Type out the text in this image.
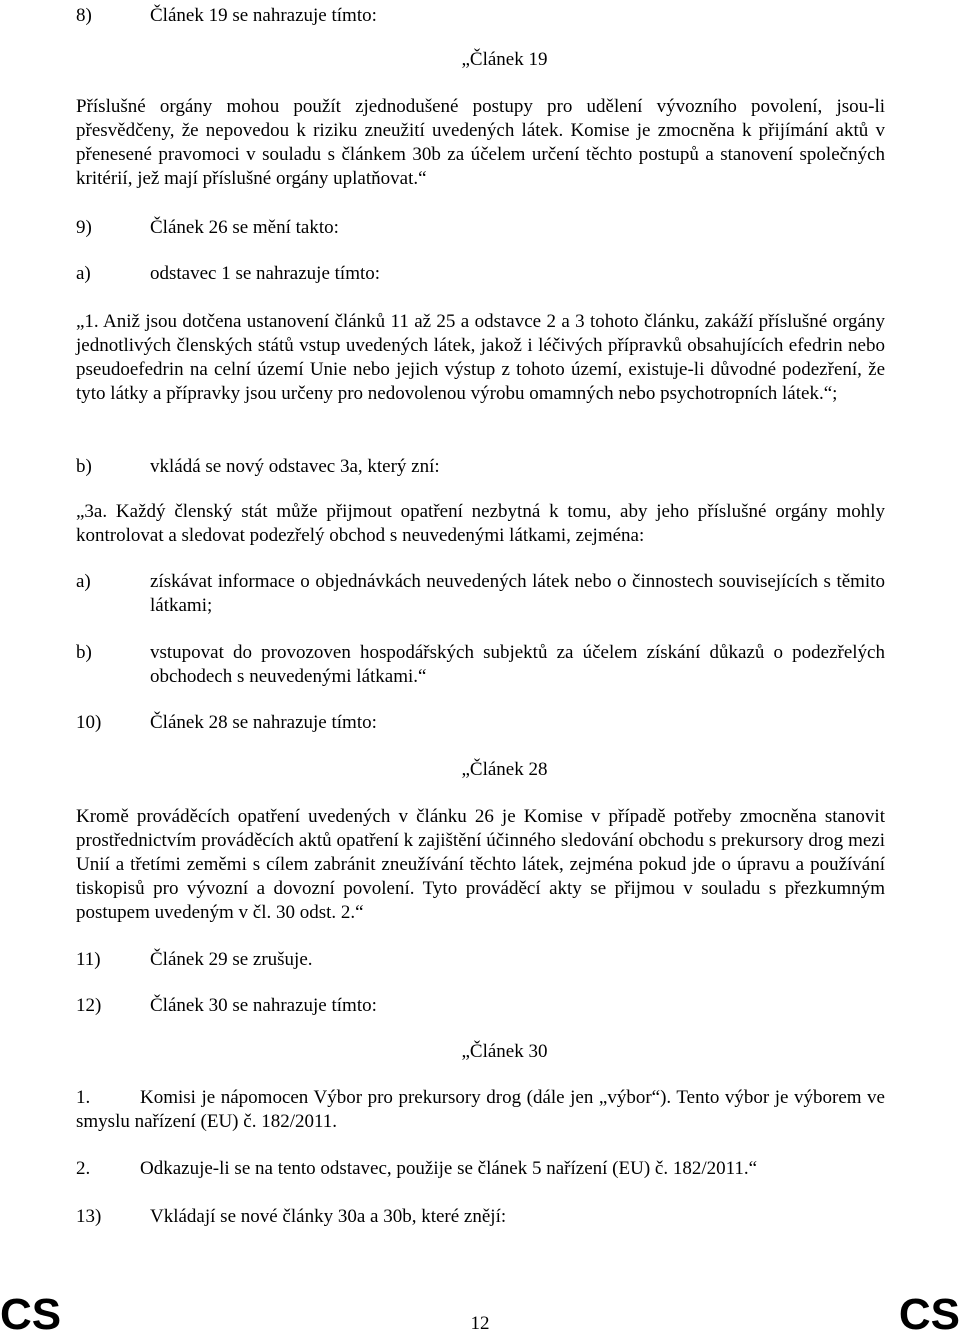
8)	Článek 19 se nahrazuje tímto:
„Článek 19
Příslušné orgány mohou použít zjednodušené postupy pro udělení vývozního povolení, jsou-li přesvědčeny, že nepovedou k riziku zneužití uvedených látek. Komise je zmocněna k přijímání aktů v přenesené pravomoci v souladu s článkem 30b za účelem určení těchto postupů a stanovení společných kritérií, jež mají příslušné orgány uplatňovat.“
9)	Článek 26 se mění takto:
a)	odstavec 1 se nahrazuje tímto:
„1. Aniž jsou dotčena ustanovení článků 11 až 25 a odstavce 2 a 3 tohoto článku, zakáží příslušné orgány jednotlivých členských států vstup uvedených látek, jakož i léčivých přípravků obsahujících efedrin nebo pseudoefedrin na celní území Unie nebo jejich výstup z tohoto území, existuje-li důvodné podezření, že tyto látky a přípravky jsou určeny pro nedovolenou výrobu omamných nebo psychotropních látek.“;
b)	vkládá se nový odstavec 3a, který zní:
„3a. Každý členský stát může přijmout opatření nezbytná k tomu, aby jeho příslušné orgány mohly kontrolovat a sledovat podezřelý obchod s neuvedenými látkami, zejména:
a)	získávat informace o objednávkách neuvedených látek nebo o činnostech souvisejících s těmito látkami;
b)	vstupovat do provozoven hospodářských subjektů za účelem získání důkazů o podezřelých obchodech s neuvedenými látkami.“
10)	Článek 28 se nahrazuje tímto:
„Článek 28
Kromě prováděcích opatření uvedených v článku 26 je Komise v případě potřeby zmocněna stanovit prostřednictvím prováděcích aktů opatření k zajištění účinného sledování obchodu s prekursory drog mezi Unií a třetími zeměmi s cílem zabránit zneužívání těchto látek, zejména pokud jde o úpravu a používání tiskopisů pro vývozní a dovozní povolení. Tyto prováděcí akty se přijmou v souladu s přezkumným postupem uvedeným v čl. 30 odst. 2.“
11)	Článek 29 se zrušuje.
12)	Článek 30 se nahrazuje tímto:
„Článek 30
1.	Komisi je nápomocen Výbor pro prekursory drog (dále jen „výbor“). Tento výbor je výborem ve smyslu nařízení (EU) č. 182/2011.
2.	Odkazuje-li se na tento odstavec, použije se článek 5 nařízení (EU) č. 182/2011.“
13)	Vkládají se nové články 30a a 30b, které znějí:
CS	12	CS
